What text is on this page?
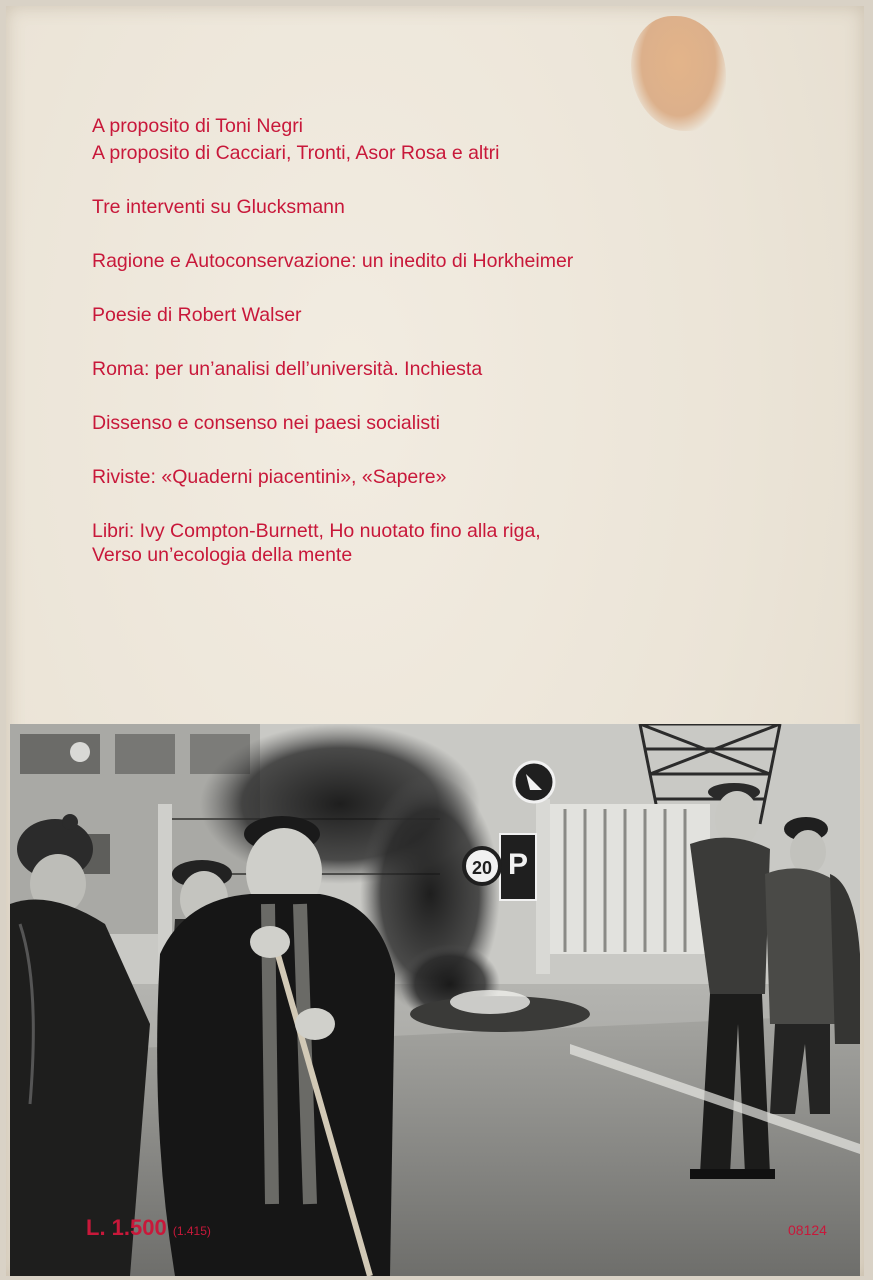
A proposito di Toni Negri
A proposito di Cacciari, Tronti, Asor Rosa e altri
Tre interventi su Glucksmann
Ragione e Autoconservazione: un inedito di Horkheimer
Poesie di Robert Walser
Roma: per un’analisi dell’università. Inchiesta
Dissenso e consenso nei paesi socialisti
Riviste: «Quaderni piacentini», «Sapere»
Libri: Ivy Compton-Burnett, Ho nuotato fino alla riga,
Verso un’ecologia della mente
P
20
L. 1.500 (1.415)	08124
